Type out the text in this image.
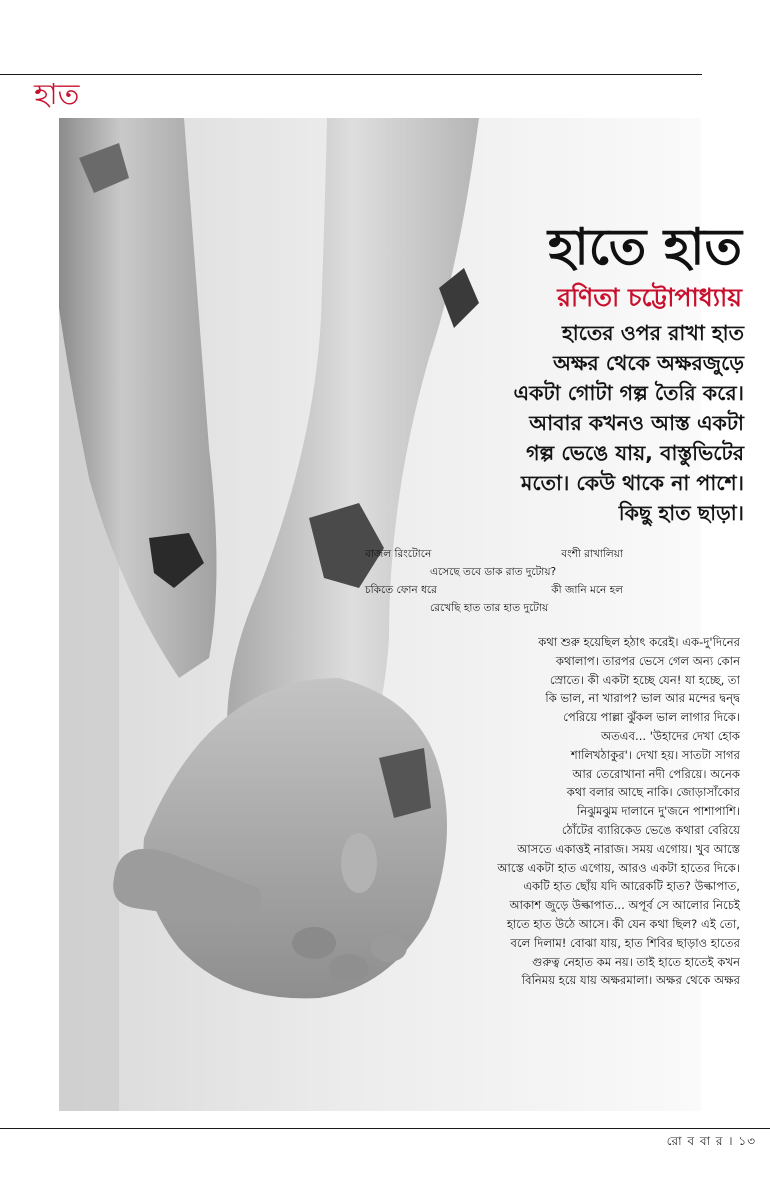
হাত
হাতে হাত
রণিতা চট্টোপাধ্যায়
হাতের ওপর রাখা হাত
অক্ষর থেকে অক্ষরজুড়ে
একটা গোটা গল্প তৈরি করে।
আবার কখনও আস্ত একটা
গল্প ভেঙে যায়, বাস্তুভিটের
মতো। কেউ থাকে না পাশে।
কিছু হাত ছাড়া।
বাজল রিংটোনে	বংশী রাখালিয়া
এসেছে তবে ডাক রাত দুটোয়?
চকিতে ফোন ধরে	কী জানি মনে হল
রেখেছি হাত তার হাত দুটোয়
কথা শুরু হয়েছিল হঠাৎ করেই। এক-দু'দিনের
কথালাপ। তারপর ভেসে গেল অন্য কোন
স্রোতে। কী একটা হচ্ছে যেন! যা হচ্ছে, তা
কি ভাল, না খারাপ? ভাল আর মন্দের দ্বন্দ্ব
পেরিয়ে পাল্লা ঝুঁকল ভাল লাগার দিকে।
অতএব... 'উহাদের দেখা হোক
শালিখঠাকুর'। দেখা হয়। সাতটা সাগর
আর তেরোখানা নদী পেরিয়ে। অনেক
কথা বলার আছে নাকি। জোড়াসাঁকোর
নিঝুমঝুম দালানে দু'জনে পাশাপাশি।
ঠোঁটের ব্যারিকেড ভেঙে কথারা বেরিয়ে
আসতে একাত্তই নারাজ। সময় এগোয়। খুব আস্তে
আস্তে একটা হাত এগোয়, আরও একটা হাতের দিকে।
একটি হাত ছোঁয় যদি আরেকটি হাত? উল্কাপাত,
আকাশ জুড়ে উল্কাপাত... অপূর্ব সে আলোর নিচেই
হাতে হাত উঠে আসে। কী যেন কথা ছিল? এই তো,
বলে দিলাম! বোঝা যায়, হাত শিবির ছাড়াও হাতের
গুরুত্ব নেহাত কম নয়। তাই হাতে হাতেই কখন
বিনিময় হয়ে যায় অক্ষরমালা। অক্ষর থেকে অক্ষর
রো ব বা র । ১৩
